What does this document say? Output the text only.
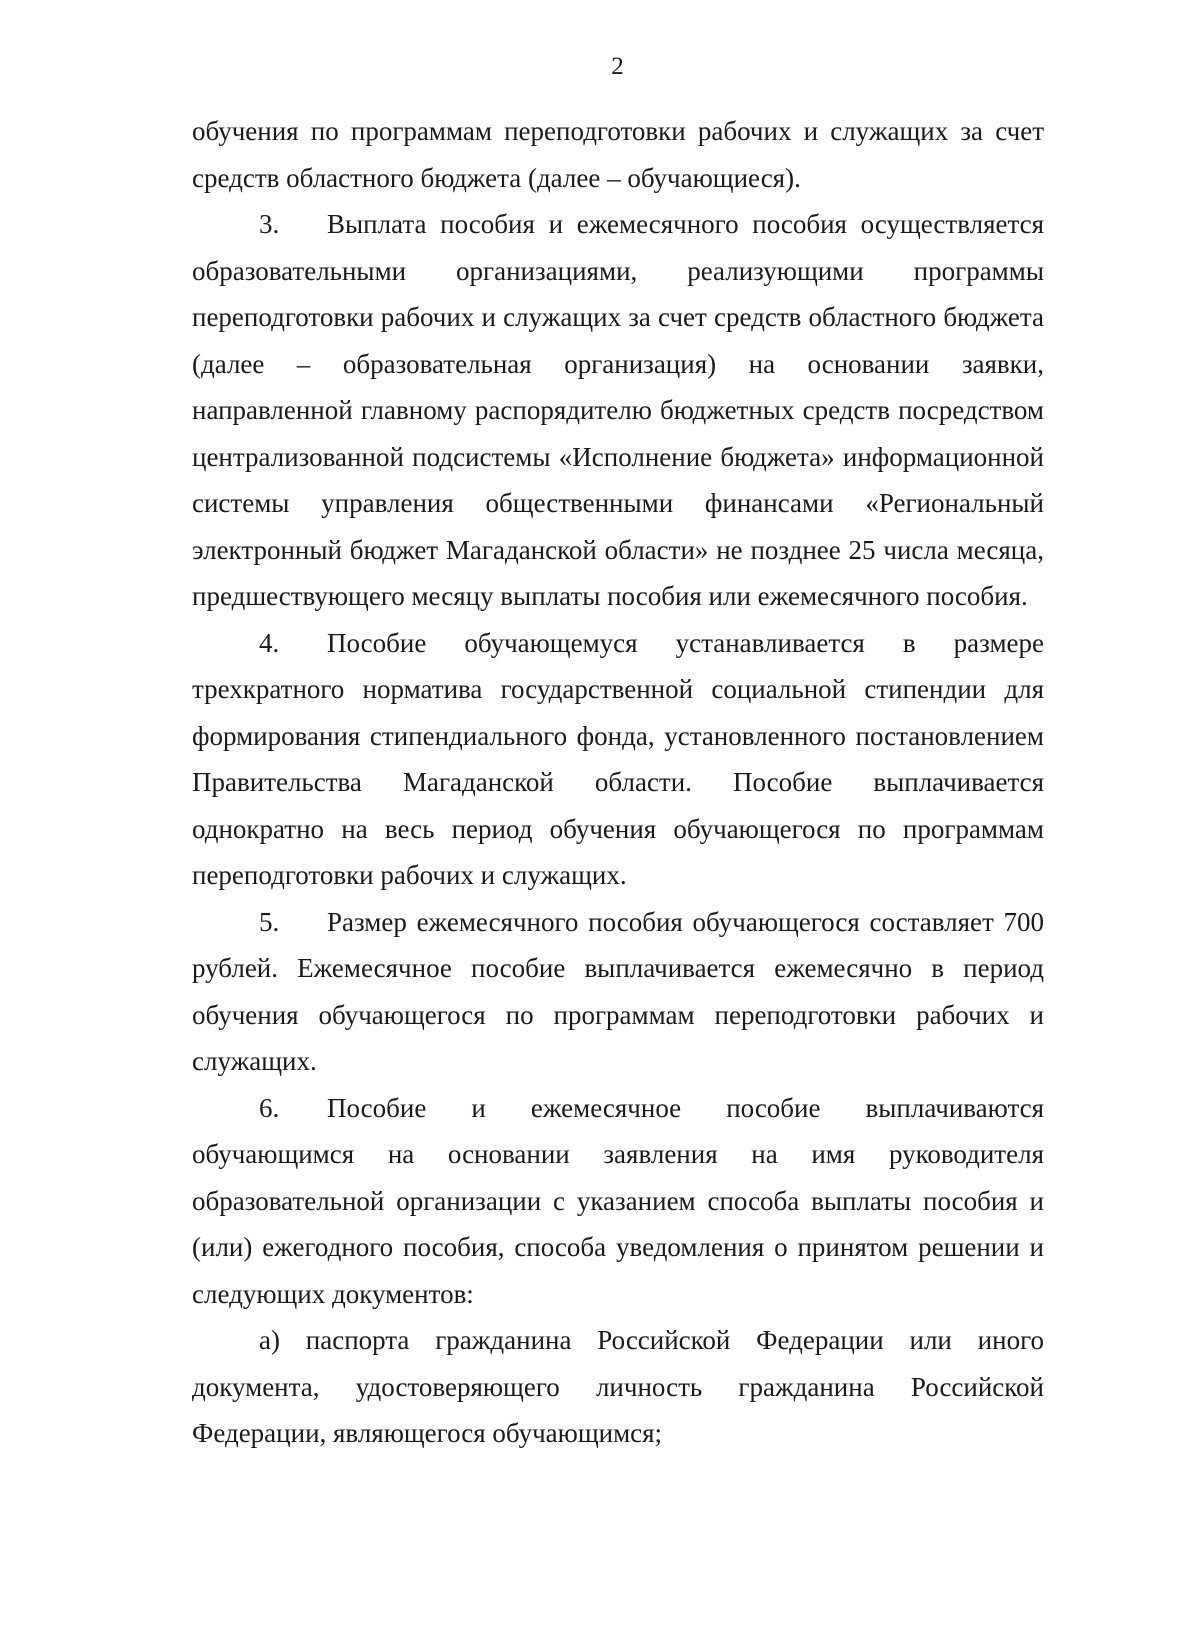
2

обучения по программам переподготовки рабочих и служащих за счет средств областного бюджета (далее – обучающиеся).

3. Выплата пособия и ежемесячного пособия осуществляется образовательными организациями, реализующими программы переподготовки рабочих и служащих за счет средств областного бюджета (далее – образовательная организация) на основании заявки, направленной главному распорядителю бюджетных средств посредством централизованной подсистемы «Исполнение бюджета» информационной системы управления общественными финансами «Региональный электронный бюджет Магаданской области» не позднее 25 числа месяца, предшествующего месяцу выплаты пособия или ежемесячного пособия.

4. Пособие обучающемуся устанавливается в размере трехкратного норматива государственной социальной стипендии для формирования стипендиального фонда, установленного постановлением Правительства Магаданской области. Пособие выплачивается однократно на весь период обучения обучающегося по программам переподготовки рабочих и служащих.

5. Размер ежемесячного пособия обучающегося составляет 700 рублей. Ежемесячное пособие выплачивается ежемесячно в период обучения обучающегося по программам переподготовки рабочих и служащих.

6. Пособие и ежемесячное пособие выплачиваются обучающимся на основании заявления на имя руководителя образовательной организации с указанием способа выплаты пособия и (или) ежегодного пособия, способа уведомления о принятом решении и следующих документов:

а) паспорта гражданина Российской Федерации или иного документа, удостоверяющего личность гражданина Российской Федерации, являющегося обучающимся;
